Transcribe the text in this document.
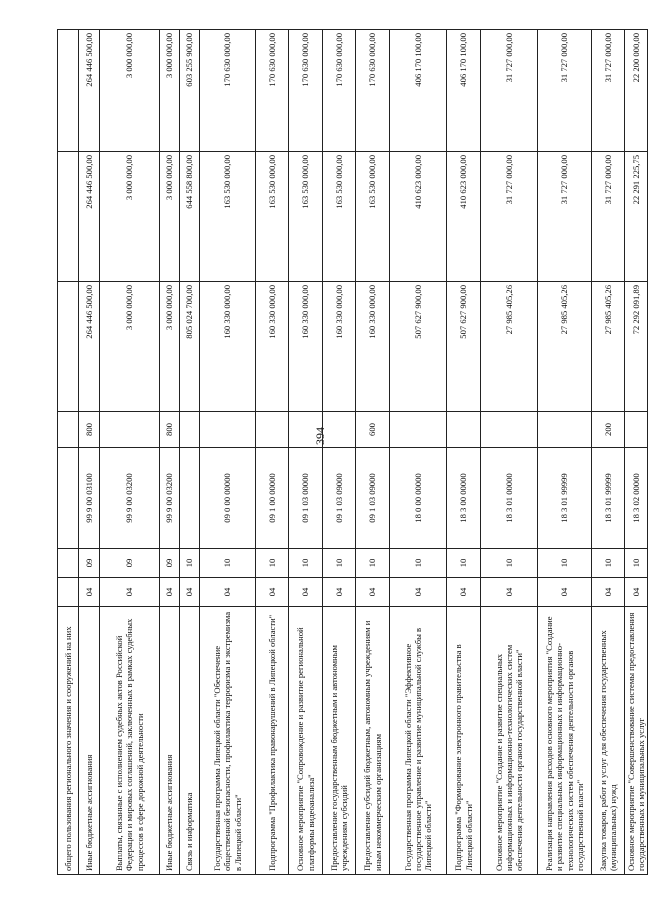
394
общего пользования регионального значения и сооружений на них							
Иные бюджетные ассигнования	04	09	99 9 00 03100	800	264 446 500,00	264 446 500,00	264 446 500,00
Выплаты, связанные с исполнением судебных актов Российской Федерации и мировых соглашений, заключенных в рамках судебных процессов в сфере дорожной деятельности	04	09	99 9 00 03200		3 000 000,00	3 000 000,00	3 000 000,00
Иные бюджетные ассигнования	04	09	99 9 00 03200	800	3 000 000,00	3 000 000,00	3 000 000,00
Связь и информатика	04	10			805 024 700,00	644 558 800,00	603 255 900,00
Государственная программа Липецкой области "Обеспечение общественной безопасности, профилактика терроризма и экстремизма в Липецкой области"	04	10	09 0 00 00000		160 330 000,00	163 530 000,00	170 630 000,00
Подпрограмма "Профилактика правонарушений в Липецкой области"	04	10	09 1 00 00000		160 330 000,00	163 530 000,00	170 630 000,00
Основное мероприятие "Сопровождение и развитие региональной платформы видеоанализа"	04	10	09 1 03 00000		160 330 000,00	163 530 000,00	170 630 000,00
Предоставление государственным бюджетным и автономным учреждениям субсидий	04	10	09 1 03 09000		160 330 000,00	163 530 000,00	170 630 000,00
Предоставление субсидий бюджетным, автономным учреждениям и иным некоммерческим организациям	04	10	09 1 03 09000	600	160 330 000,00	163 530 000,00	170 630 000,00
Государственная программа Липецкой области "Эффективное государственное управление и развитие муниципальной службы в Липецкой области"	04	10	18 0 00 00000		507 627 900,00	410 623 000,00	406 170 100,00
Подпрограмма "Формирование электронного правительства в Липецкой области"	04	10	18 3 00 00000		507 627 900,00	410 623 000,00	406 170 100,00
Основное мероприятие "Создание и развитие специальных информационных и информационно-технологических систем обеспечения деятельности органов государственной власти"	04	10	18 3 01 00000		27 985 405,26	31 727 000,00	31 727 000,00
Реализация направления расходов основного мероприятия "Создание и развитие специальных информационных и информационно-технологических систем обеспечения деятельности органов государственной власти"	04	10	18 3 01 99999		27 985 405,26	31 727 000,00	31 727 000,00
Закупка товаров, работ и услуг для обеспечения государственных (муниципальных) нужд	04	10	18 3 01 99999	200	27 985 405,26	31 727 000,00	31 727 000,00
Основное мероприятие "Совершенствование системы предоставления государственных и муниципальных услуг	04	10	18 3 02 00000		72 292 091,89	22 291 225,75	22 200 000,00
